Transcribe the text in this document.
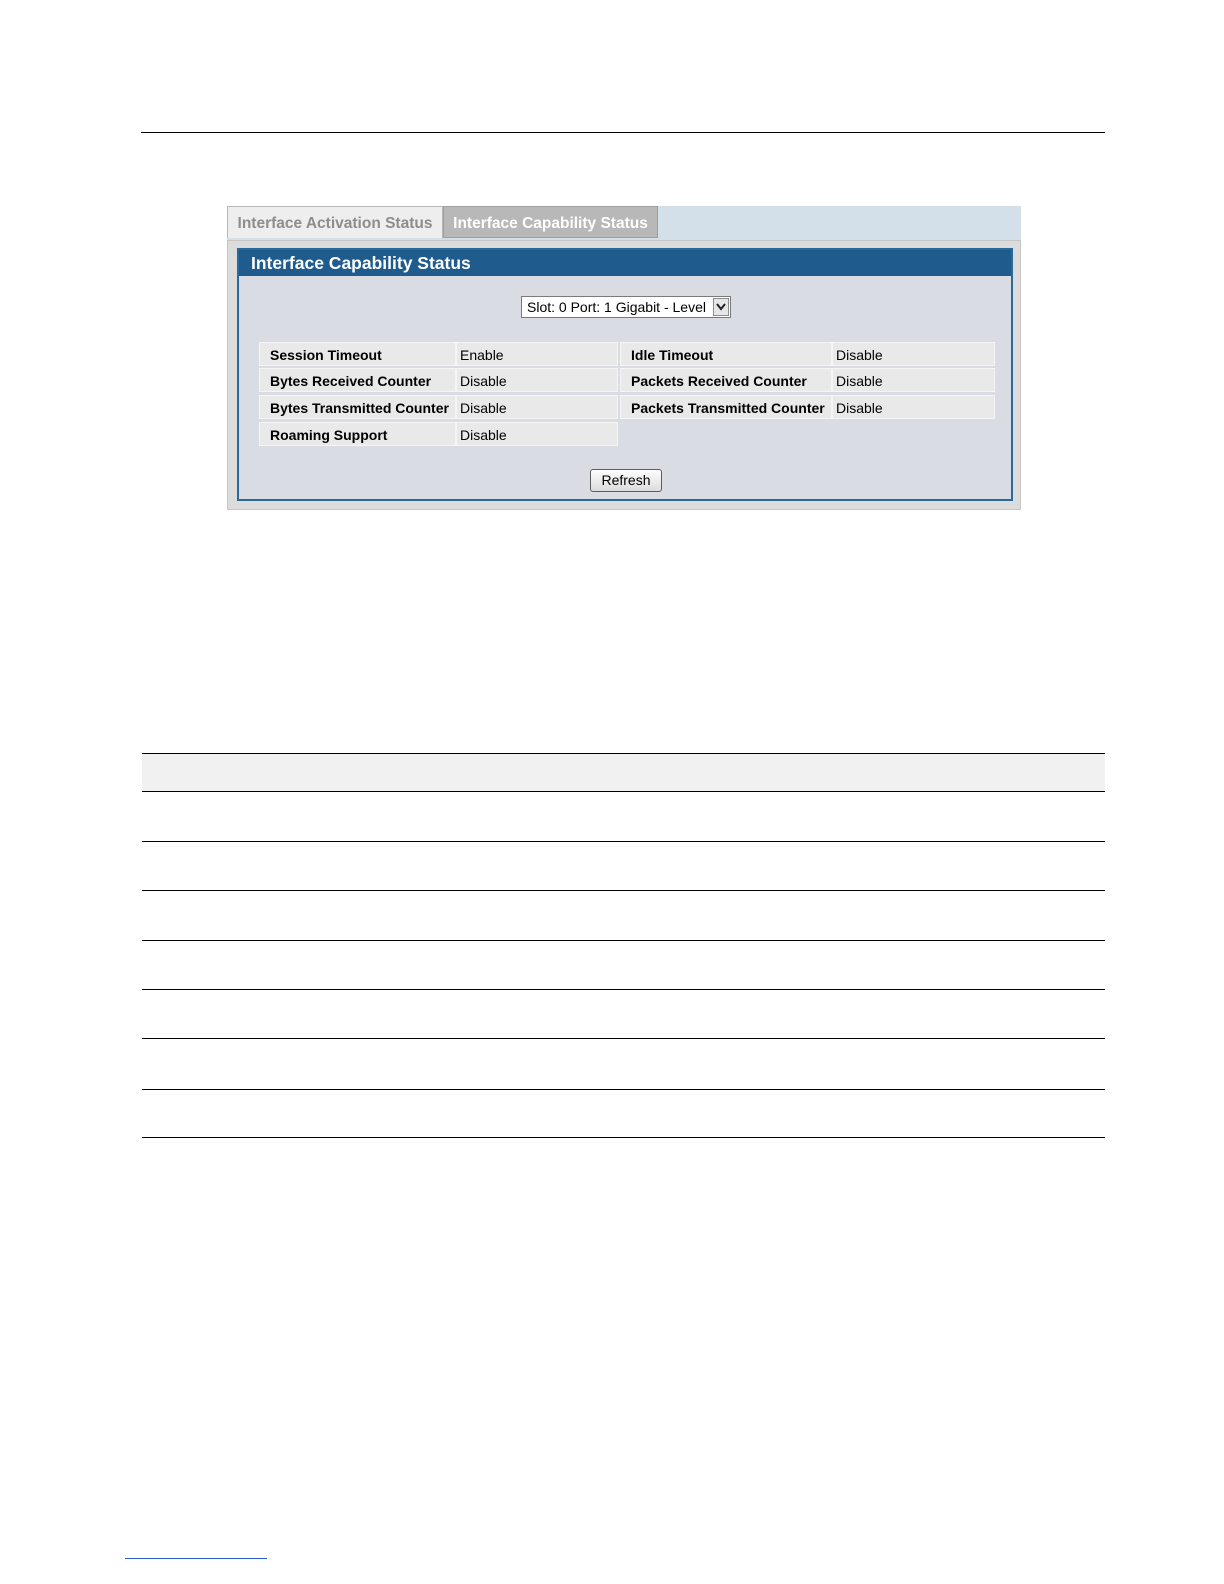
Interface Activation Status	Interface Capability Status
Interface Capability Status
Slot: 0 Port: 1 Gigabit - Level
Session Timeout	Enable	Idle Timeout	Disable
Bytes Received Counter	Disable	Packets Received Counter	Disable
Bytes Transmitted Counter Disable	Packets Transmitted Counter Disable
Roaming Support	Disable
Refresh
